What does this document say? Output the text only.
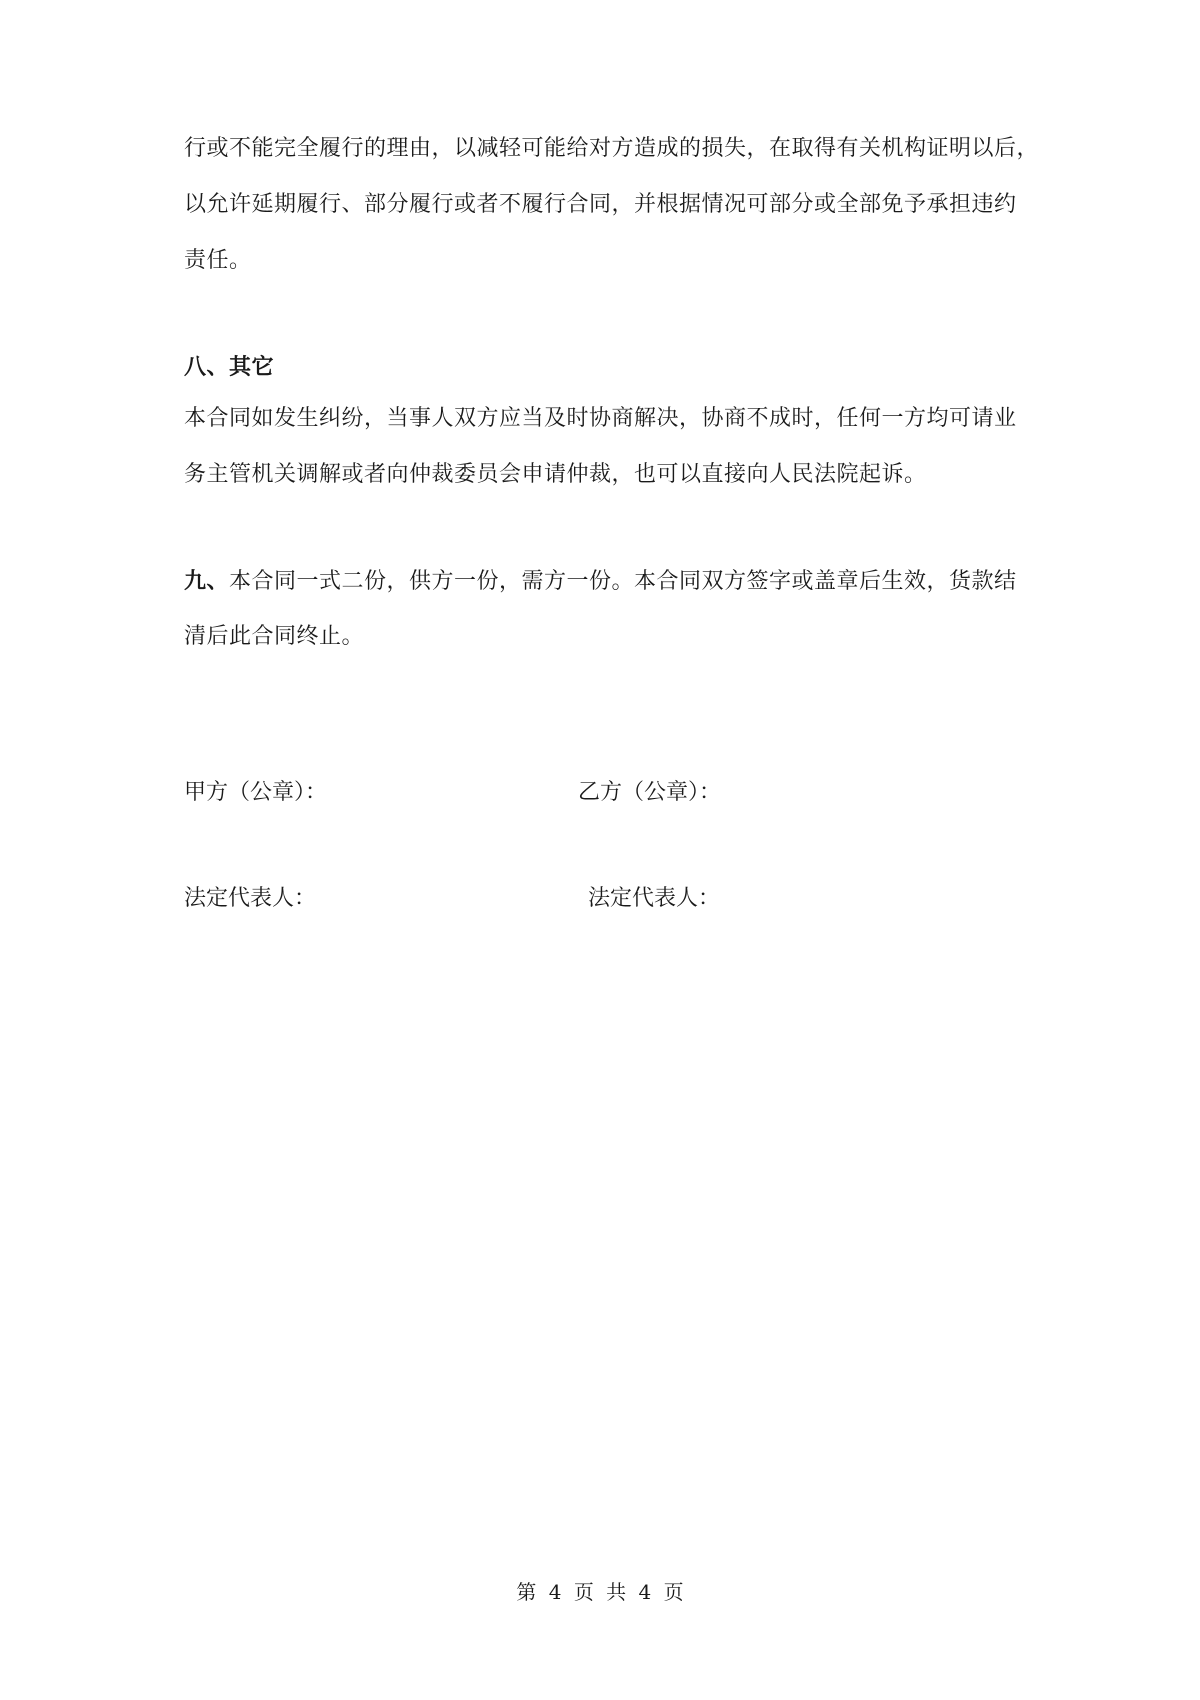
行或不能完全履行的理由，以减轻可能给对方造成的损失，在取得有关机构证明以后，
以允许延期履行、部分履行或者不履行合同，并根据情况可部分或全部免予承担违约
责任。
八、其它
本合同如发生纠纷，当事人双方应当及时协商解决，协商不成时，任何一方均可请业
务主管机关调解或者向仲裁委员会申请仲裁，也可以直接向人民法院起诉。
九、本合同一式二份，供方一份，需方一份。本合同双方签字或盖章后生效，货款结
清后此合同终止。
甲方（公章）：	乙方（公章）：
法定代表人：	法定代表人：
第 4 页 共 4 页
